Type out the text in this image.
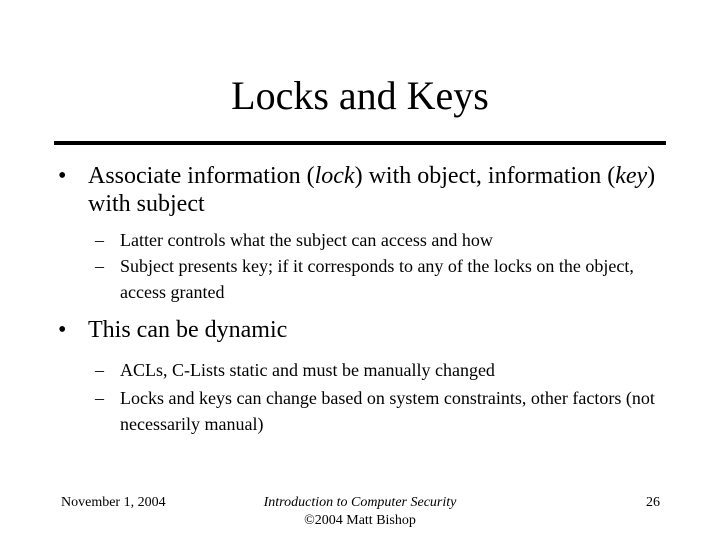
Locks and Keys
• Associate information (lock) with object, information (key) with subject
– Latter controls what the subject can access and how
– Subject presents key; if it corresponds to any of the locks on the object, access granted
• This can be dynamic
– ACLs, C-Lists static and must be manually changed
– Locks and keys can change based on system constraints, other factors (not necessarily manual)
November 1, 2004	Introduction to Computer Security
©2004 Matt Bishop
26
